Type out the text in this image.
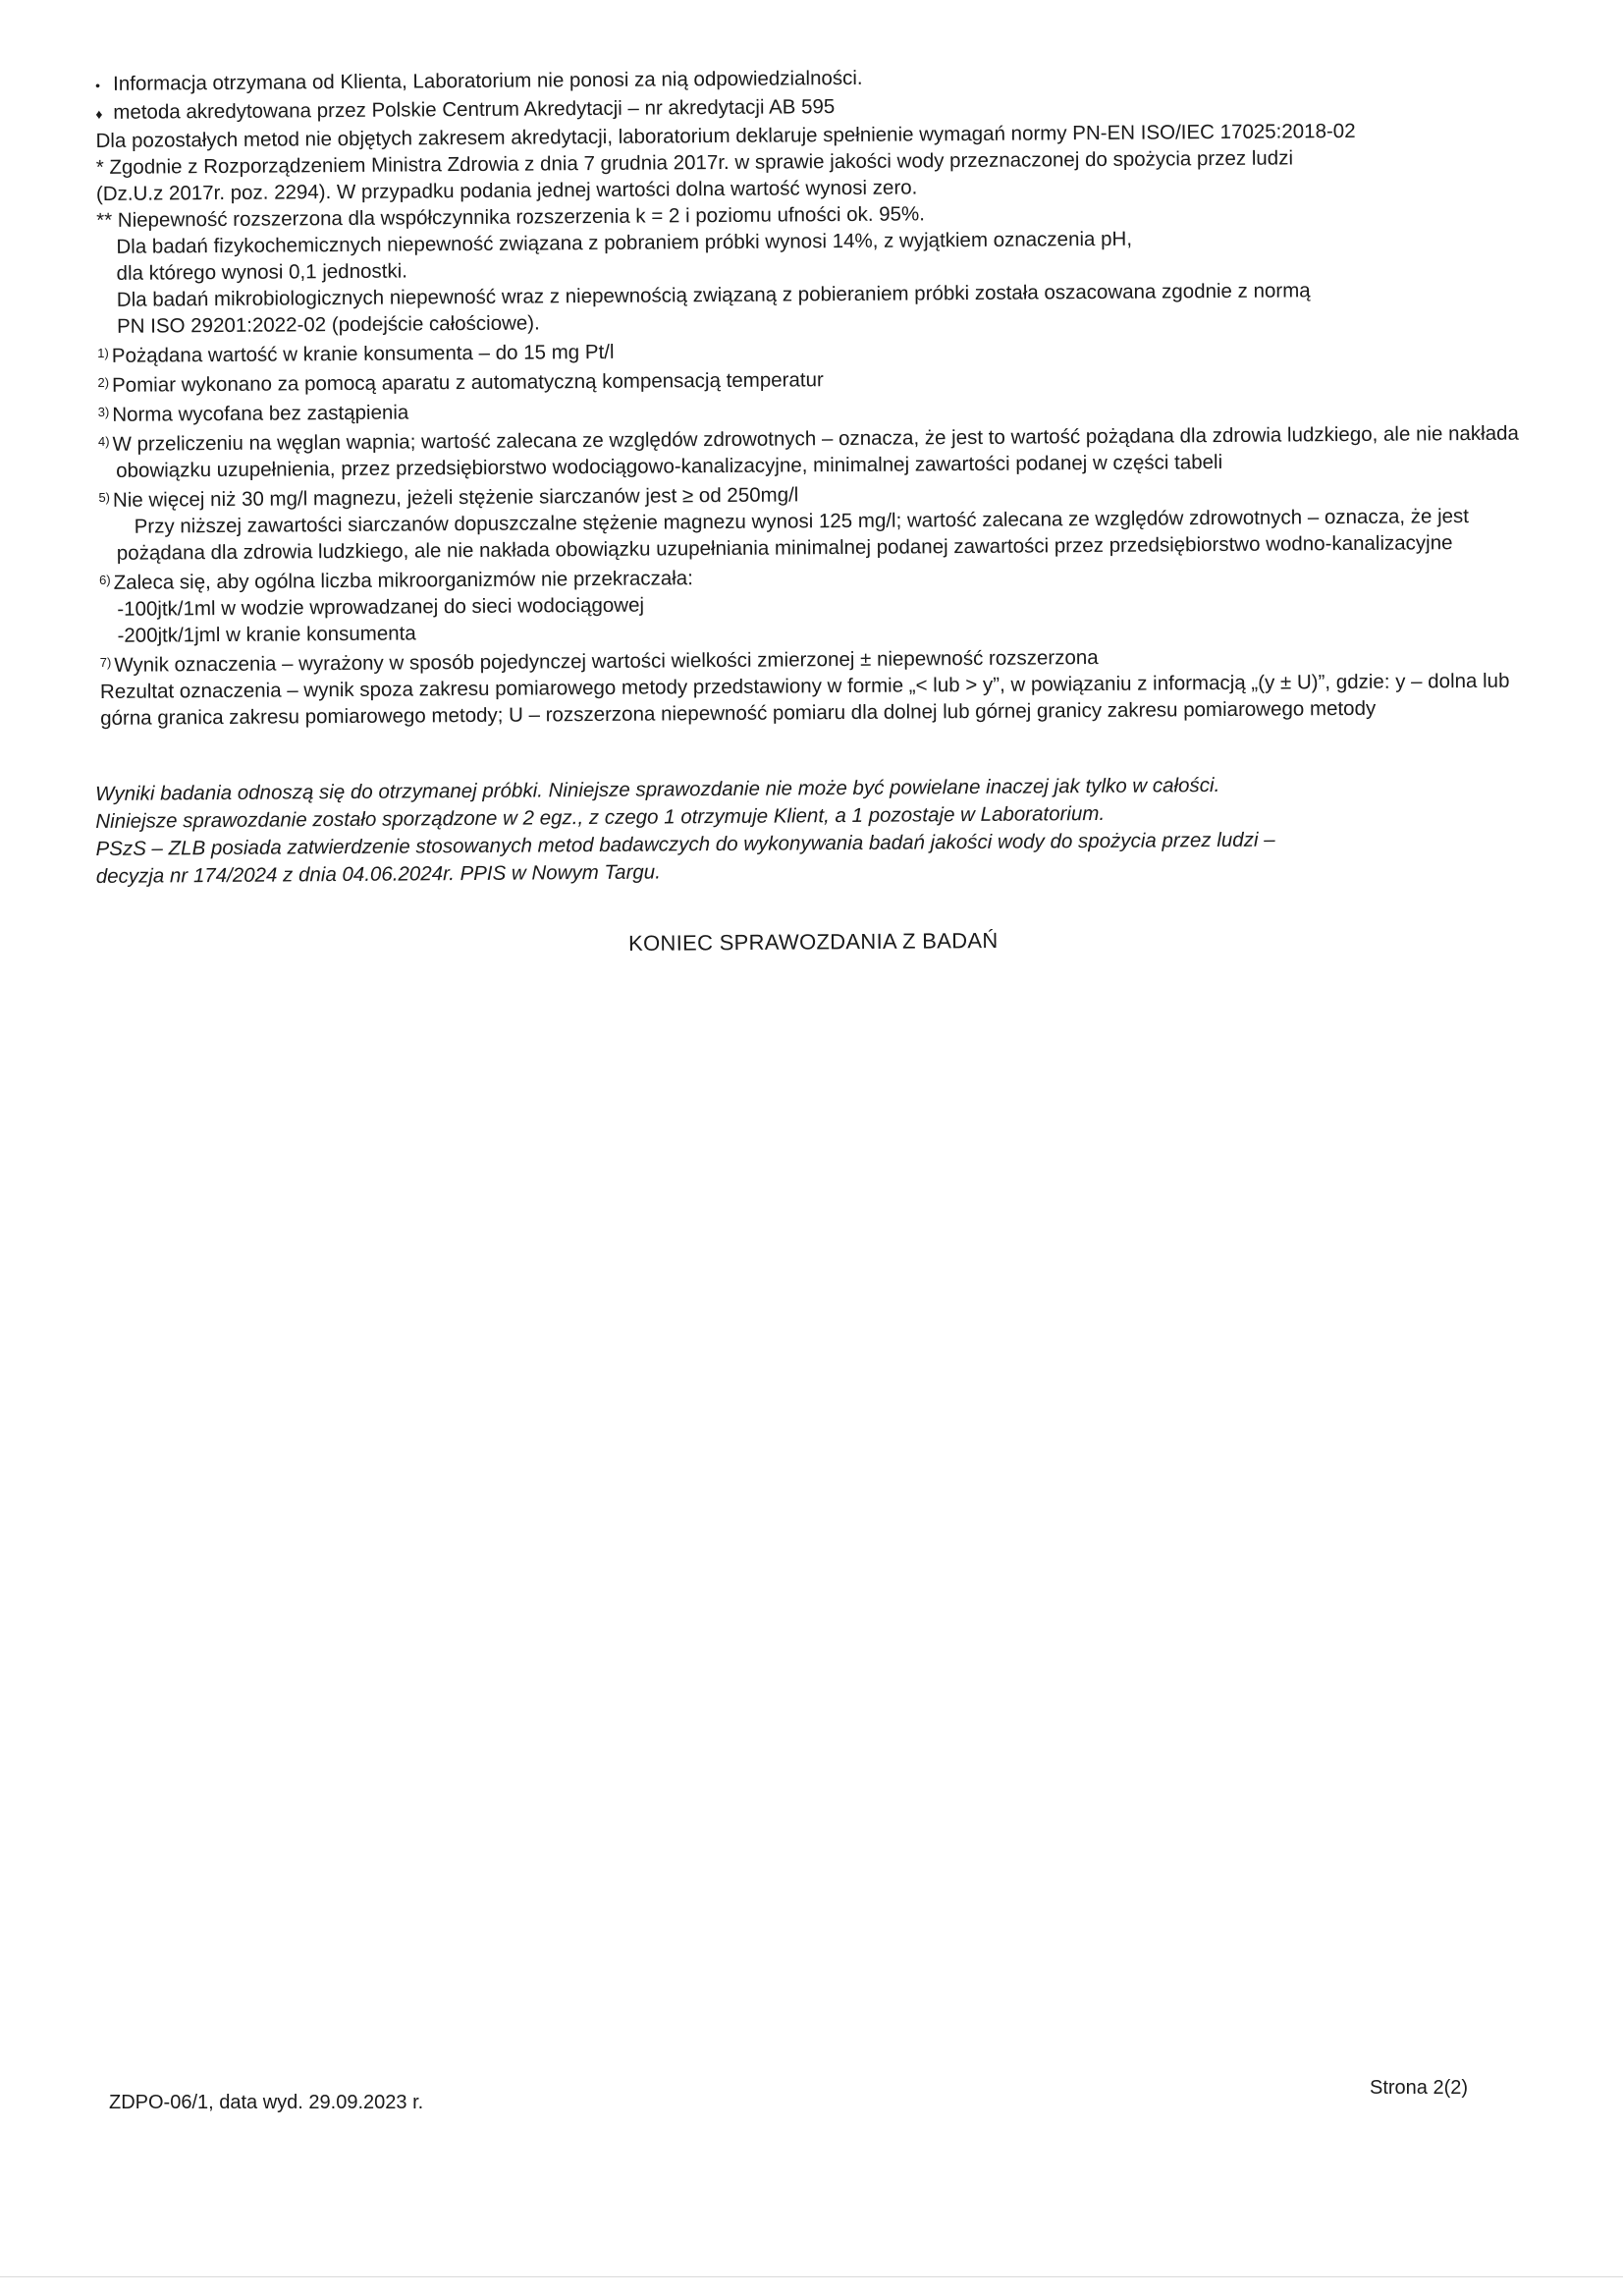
• Informacja otrzymana od Klienta, Laboratorium nie ponosi za nią odpowiedzialności.
♦ metoda akredytowana przez Polskie Centrum Akredytacji – nr akredytacji AB 595
Dla pozostałych metod nie objętych zakresem akredytacji, laboratorium deklaruje spełnienie wymagań normy PN-EN ISO/IEC 17025:2018-02
* Zgodnie z Rozporządzeniem Ministra Zdrowia z dnia 7 grudnia 2017r. w sprawie jakości wody przeznaczonej do spożycia przez ludzi
(Dz.U.z 2017r. poz. 2294). W przypadku podania jednej wartości dolna wartość wynosi zero.
** Niepewność rozszerzona dla współczynnika rozszerzenia k = 2 i poziomu ufności ok. 95%.
Dla badań fizykochemicznych niepewność związana z pobraniem próbki wynosi 14%, z wyjątkiem oznaczenia pH,
dla którego wynosi 0,1 jednostki.
Dla badań mikrobiologicznych niepewność wraz z niepewnością związaną z pobieraniem próbki została oszacowana zgodnie z normą
PN ISO 29201:2022-02 (podejście całościowe).
$^{1)}$ Pożądana wartość w kranie konsumenta – do 15 mg Pt/l
$^{2)}$ Pomiar wykonano za pomocą aparatu z automatyczną kompensacją temperatur
$^{3)}$ Norma wycofana bez zastąpienia
$^{4)}$ W przeliczeniu na węglan wapnia; wartość zalecana ze względów zdrowotnych – oznacza, że jest to wartość pożądana dla zdrowia ludzkiego, ale nie nakłada
obowiązku uzupełnienia, przez przedsiębiorstwo wodociągowo-kanalizacyjne, minimalnej zawartości podanej w części tabeli
$^{5)}$ Nie więcej niż 30 mg/l magnezu, jeżeli stężenie siarczanów jest ≥ od 250mg/l
Przy niższej zawartości siarczanów dopuszczalne stężenie magnezu wynosi 125 mg/l; wartość zalecana ze względów zdrowotnych – oznacza, że jest
pożądana dla zdrowia ludzkiego, ale nie nakłada obowiązku uzupełniania minimalnej podanej zawartości przez przedsiębiorstwo wodno-kanalizacyjne
$^{6)}$ Zaleca się, aby ogólna liczba mikroorganizmów nie przekraczała:
-100jtk/1ml w wodzie wprowadzanej do sieci wodociągowej
-200jtk/1jml w kranie konsumenta
$^{7)}$ Wynik oznaczenia – wyrażony w sposób pojedynczej wartości wielkości zmierzonej ± niepewność rozszerzona
Rezultat oznaczenia – wynik spoza zakresu pomiarowego metody przedstawiony w formie „< lub > y”, w powiązaniu z informacją „(y ± U)”, gdzie: y – dolna lub
górna granica zakresu pomiarowego metody; U – rozszerzona niepewność pomiaru dla dolnej lub górnej granicy zakresu pomiarowego metody
Wyniki badania odnoszą się do otrzymanej próbki. Niniejsze sprawozdanie nie może być powielane inaczej jak tylko w całości.
Niniejsze sprawozdanie zostało sporządzone w 2 egz., z czego 1 otrzymuje Klient, a 1 pozostaje w Laboratorium.
PSzS – ZLB posiada zatwierdzenie stosowanych metod badawczych do wykonywania badań jakości wody do spożycia przez ludzi –
decyzja nr 174/2024 z dnia 04.06.2024r. PPIS w Nowym Targu.
KONIEC SPRAWOZDANIA Z BADAŃ
ZDPO-06/1, data wyd. 29.09.2023 r.
Strona 2(2)
